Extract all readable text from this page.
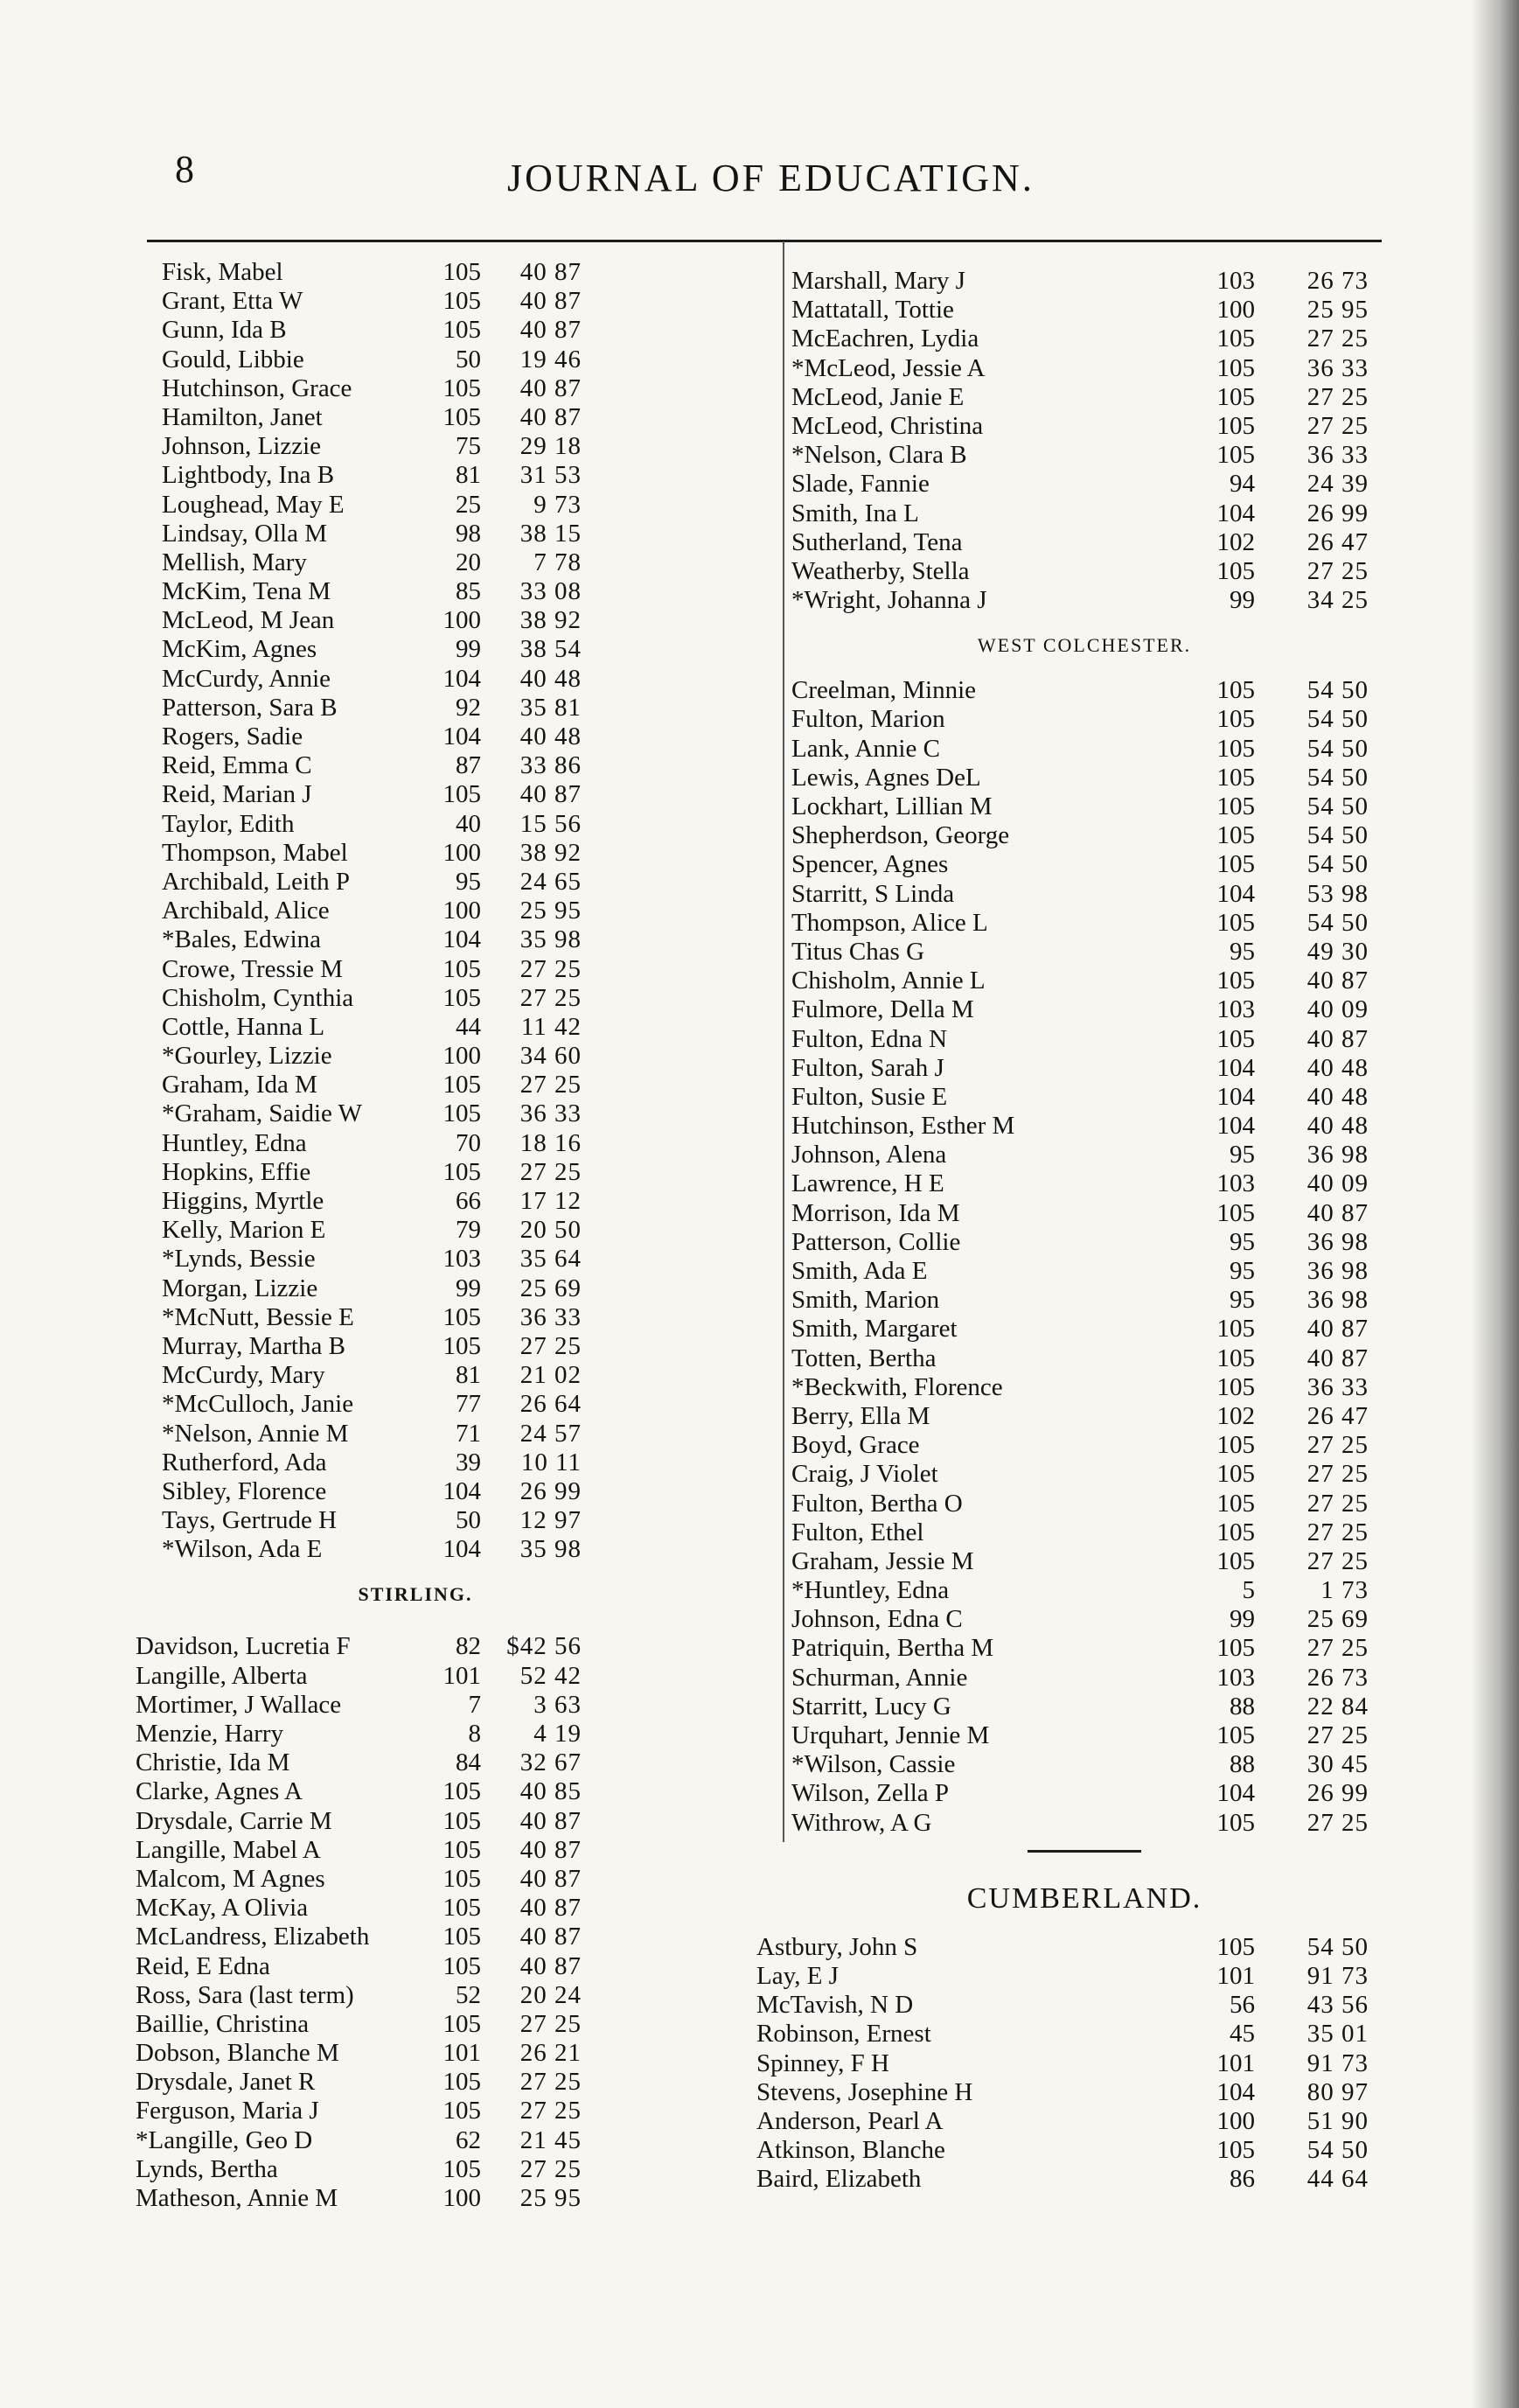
8	JOURNAL OF EDUCATIGN.
Fisk, Mabel	105	40 87
Grant, Etta W	105	40 87
Gunn, Ida B	105	40 87
Gould, Libbie	50	19 46
Hutchinson, Grace	105	40 87
Hamilton, Janet	105	40 87
Johnson, Lizzie	75	29 18
Lightbody, Ina B	81	31 53
Loughead, May E	25	9 73
Lindsay, Olla M	98	38 15
Mellish, Mary	20	7 78
McKim, Tena M	85	33 08
McLeod, M Jean	100	38 92
McKim, Agnes	99	38 54
McCurdy, Annie	104	40 48
Patterson, Sara B	92	35 81
Rogers, Sadie	104	40 48
Reid, Emma C	87	33 86
Reid, Marian J	105	40 87
Taylor, Edith	40	15 56
Thompson, Mabel	100	38 92
Archibald, Leith P	95	24 65
Archibald, Alice	100	25 95
*Bales, Edwina	104	35 98
Crowe, Tressie M	105	27 25
Chisholm, Cynthia	105	27 25
Cottle, Hanna L	44	11 42
*Gourley, Lizzie	100	34 60
Graham, Ida M	105	27 25
*Graham, Saidie W	105	36 33
Huntley, Edna	70	18 16
Hopkins, Effie	105	27 25
Higgins, Myrtle	66	17 12
Kelly, Marion E	79	20 50
*Lynds, Bessie	103	35 64
Morgan, Lizzie	99	25 69
*McNutt, Bessie E	105	36 33
Murray, Martha B	105	27 25
McCurdy, Mary	81	21 02
*McCulloch, Janie	77	26 64
*Nelson, Annie M	71	24 57
Rutherford, Ada	39	10 11
Sibley, Florence	104	26 99
Tays, Gertrude H	50	12 97
*Wilson, Ada E	104	35 98
STIRLING.
Davidson, Lucretia F	82	$42 56
Langille, Alberta	101	52 42
Mortimer, J Wallace	7	3 63
Menzie, Harry	8	4 19
Christie, Ida M	84	32 67
Clarke, Agnes A	105	40 85
Drysdale, Carrie M	105	40 87
Langille, Mabel A	105	40 87
Malcom, M Agnes	105	40 87
McKay, A Olivia	105	40 87
McLandress, Elizabeth	105	40 87
Reid, E Edna	105	40 87
Ross, Sara (last term)	52	20 24
Baillie, Christina	105	27 25
Dobson, Blanche M	101	26 21
Drysdale, Janet R	105	27 25
Ferguson, Maria J	105	27 25
*Langille, Geo D	62	21 45
Lynds, Bertha	105	27 25
Matheson, Annie M	100	25 95
Marshall, Mary J	103	26 73
Mattatall, Tottie	100	25 95
McEachren, Lydia	105	27 25
*McLeod, Jessie A	105	36 33
McLeod, Janie E	105	27 25
McLeod, Christina	105	27 25
*Nelson, Clara B	105	36 33
Slade, Fannie	94	24 39
Smith, Ina L	104	26 99
Sutherland, Tena	102	26 47
Weatherby, Stella	105	27 25
*Wright, Johanna J	99	34 25
WEST COLCHESTER.
Creelman, Minnie	105	54 50
Fulton, Marion	105	54 50
Lank, Annie C	105	54 50
Lewis, Agnes DeL	105	54 50
Lockhart, Lillian M	105	54 50
Shepherdson, George	105	54 50
Spencer, Agnes	105	54 50
Starritt, S Linda	104	53 98
Thompson, Alice L	105	54 50
Titus Chas G	95	49 30
Chisholm, Annie L	105	40 87
Fulmore, Della M	103	40 09
Fulton, Edna N	105	40 87
Fulton, Sarah J	104	40 48
Fulton, Susie E	104	40 48
Hutchinson, Esther M	104	40 48
Johnson, Alena	95	36 98
Lawrence, H E	103	40 09
Morrison, Ida M	105	40 87
Patterson, Collie	95	36 98
Smith, Ada E	95	36 98
Smith, Marion	95	36 98
Smith, Margaret	105	40 87
Totten, Bertha	105	40 87
*Beckwith, Florence	105	36 33
Berry, Ella M	102	26 47
Boyd, Grace	105	27 25
Craig, J Violet	105	27 25
Fulton, Bertha O	105	27 25
Fulton, Ethel	105	27 25
Graham, Jessie M	105	27 25
*Huntley, Edna	5	1 73
Johnson, Edna C	99	25 69
Patriquin, Bertha M	105	27 25
Schurman, Annie	103	26 73
Starritt, Lucy G	88	22 84
Urquhart, Jennie M	105	27 25
*Wilson, Cassie	88	30 45
Wilson, Zella P	104	26 99
Withrow, A G	105	27 25
CUMBERLAND.
Astbury, John S	105	54 50
Lay, E J	101	91 73
McTavish, N D	56	43 56
Robinson, Ernest	45	35 01
Spinney, F H	101	91 73
Stevens, Josephine H	104	80 97
Anderson, Pearl A	100	51 90
Atkinson, Blanche	105	54 50
Baird, Elizabeth	86	44 64
